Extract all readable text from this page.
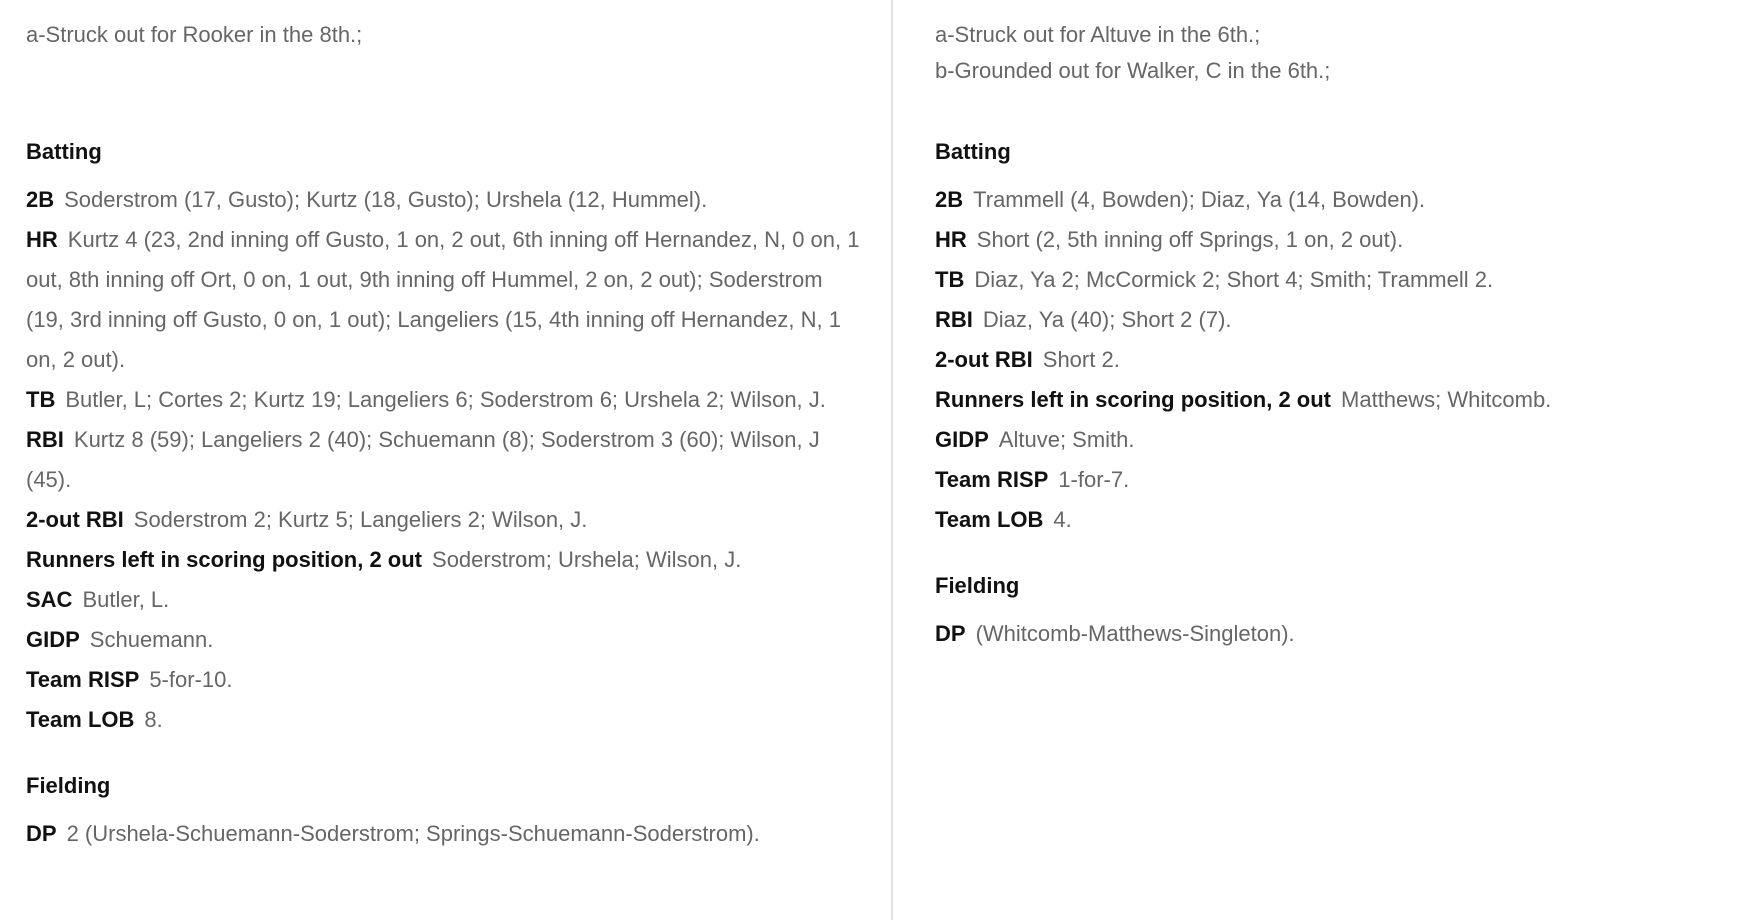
a-Struck out for Rooker in the 8th.;
Batting
2B Soderstrom (17, Gusto); Kurtz (18, Gusto); Urshela (12, Hummel).
HR Kurtz 4 (23, 2nd inning off Gusto, 1 on, 2 out, 6th inning off Hernandez, N, 0 on, 1 out, 8th inning off Ort, 0 on, 1 out, 9th inning off Hummel, 2 on, 2 out); Soderstrom (19, 3rd inning off Gusto, 0 on, 1 out); Langeliers (15, 4th inning off Hernandez, N, 1 on, 2 out).
TB Butler, L; Cortes 2; Kurtz 19; Langeliers 6; Soderstrom 6; Urshela 2; Wilson, J.
RBI Kurtz 8 (59); Langeliers 2 (40); Schuemann (8); Soderstrom 3 (60); Wilson, J (45).
2-out RBI Soderstrom 2; Kurtz 5; Langeliers 2; Wilson, J.
Runners left in scoring position, 2 out Soderstrom; Urshela; Wilson, J.
SAC Butler, L.
GIDP Schuemann.
Team RISP 5-for-10.
Team LOB 8.
Fielding
DP 2 (Urshela-Schuemann-Soderstrom; Springs-Schuemann-Soderstrom).
a-Struck out for Altuve in the 6th.;
b-Grounded out for Walker, C in the 6th.;
Batting
2B Trammell (4, Bowden); Diaz, Ya (14, Bowden).
HR Short (2, 5th inning off Springs, 1 on, 2 out).
TB Diaz, Ya 2; McCormick 2; Short 4; Smith; Trammell 2.
RBI Diaz, Ya (40); Short 2 (7).
2-out RBI Short 2.
Runners left in scoring position, 2 out Matthews; Whitcomb.
GIDP Altuve; Smith.
Team RISP 1-for-7.
Team LOB 4.
Fielding
DP (Whitcomb-Matthews-Singleton).
